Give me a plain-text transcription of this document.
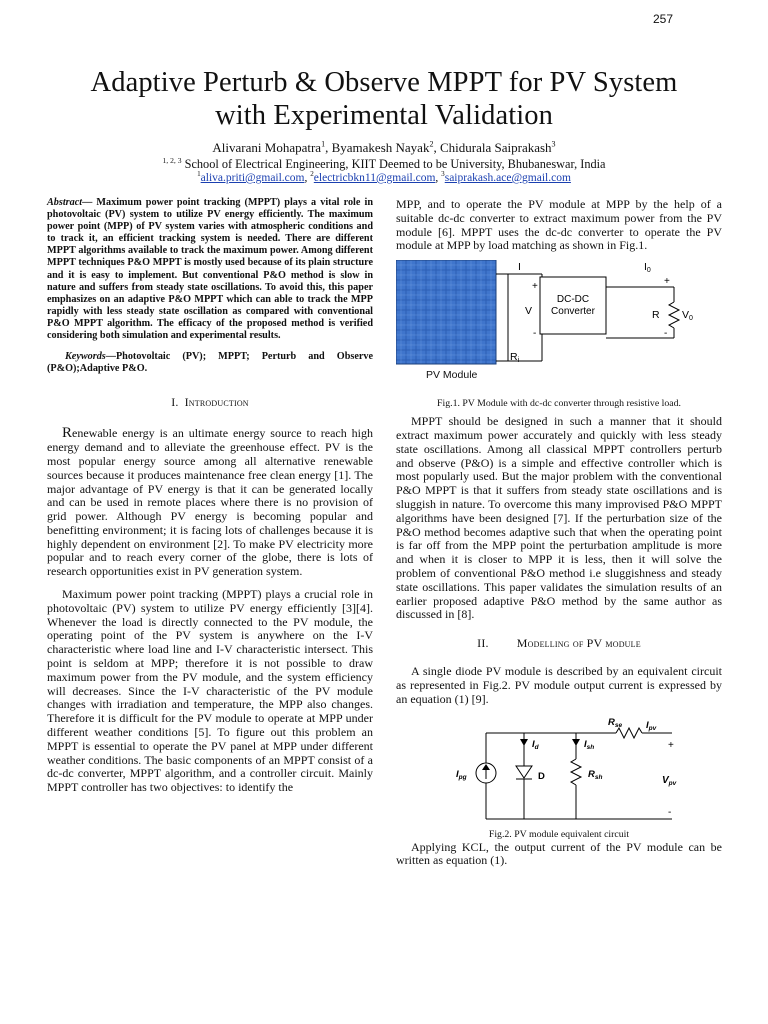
257
Adaptive Perturb & Observe MPPT for PV System
with Experimental Validation
Alivarani Mohapatra$^1$, Byamakesh Nayak$^2$, Chidurala Saiprakash$^3$
$^{1, 2, 3}$ School of Electrical Engineering, KIIT Deemed to be University, Bhubaneswar, India
$^1$aliva.priti@gmail.com, $^2$electricbkn11@gmail.com, $^3$saiprakash.ace@gmail.com
Abstract— Maximum power point tracking (MPPT) plays a vital role in photovoltaic (PV) system to utilize PV energy efficiently. The maximum power point (MPP) of PV system varies with atmospheric conditions and to track it, an efficient tracking system is needed. There are different MPPT algorithms available to track the maximum power. Among different MPPT techniques P&O MPPT is mostly used because of its plain structure and it is easy to implement. But conventional P&O method is slow in nature and suffers from steady state oscillations. To avoid this, this paper emphasizes on an adaptive P&O MPPT which can able to track the MPP rapidly with less steady state oscillation as compared with conventional P&O MPPT algorithm. The efficacy of the proposed method is verified considering both simulation and experimental results.
Keywords—Photovoltaic (PV); MPPT; Perturb and Observe (P&O);Adaptive P&O.
I. Introduction

Renewable energy is an ultimate energy source to reach high energy demand and to alleviate the greenhouse effect. PV is the most popular energy source among all alternative renewable sources because it produces maintenance free clean energy [1]. The major advantage of PV energy is that it can be generated locally and can be used in remote places where there is no provision of grid power. Although PV energy is becoming popular and benefitting environment; it is facing lots of challenges because it is highly dependent on environment [2]. To make PV electricity more popular and to reach every corner of the globe, there is lots of research opportunities exist in PV generation system.

Maximum power point tracking (MPPT) plays a crucial role in photovoltaic (PV) system to utilize PV energy efficiently [3][4]. Whenever the load is directly connected to the PV module, the operating point of the PV system is anywhere on the I-V characteristic where load line and I-V characteristic intersect. This point is seldom at MPP; therefore it is not possible to draw maximum power from the PV module, and the system efficiency will decreases. Since the I-V characteristic of the PV module changes with irradiation and temperature, the MPP also changes. Therefore it is difficult for the PV module to operate at MPP under different weather conditions [5]. To figure out this problem an MPPT is essential to operate the PV panel at MPP under different weather conditions. The basic components of an MPPT consist of a dc-dc converter, MPPT algorithm, and a controller circuit. Mainly MPPT controller has two objectives: to identify the

MPP, and to operate the PV module at MPP by the help of a suitable dc-dc converter to extract maximum power from the PV module [6]. MPPT uses the dc-dc converter to operate the PV module at MPP by load matching as shown in Fig.1.

PV Module
I
+
V
-
Ri
DC-DC
Converter
I0
+
R V0
-
Fig.1. PV Module with dc-dc converter through resistive load.

MPPT should be designed in such a manner that it should extract maximum power accurately and quickly with less steady state oscillations. Among all classical MPPT controllers perturb and observe (P&O) is a simple and effective controller which is most popularly used. But the major problem with the conventional P&O MPPT is that it suffers from steady state oscillations and is sluggish in nature. To overcome this many improvised P&O MPPT algorithms have been designed [7]. If the perturbation size of the P&O method becomes adaptive such that when the operating point is far off from the MPP point the perturbation amplitude is more and when it is closer to MPP it is less, then it will solve the problem of conventional P&O method i.e sluggishness and steady state oscillations. This paper validates the simulation results of an earlier proposed adaptive P&O method by the same author as discussed in [8].

II. Modelling of PV module

A single diode PV module is described by an equivalent circuit as represented in Fig.2. PV module output current is expressed by an equation (1) [9].

$R_{se}$	$I_{pv}$
+
$I_d$	$I_{sh}$
$I_{pg}$	D	$R_{sh}$	$V_{pv}$
-
Fig.2. PV module equivalent circuit

Applying KCL, the output current of the PV module can be written as equation (1).
